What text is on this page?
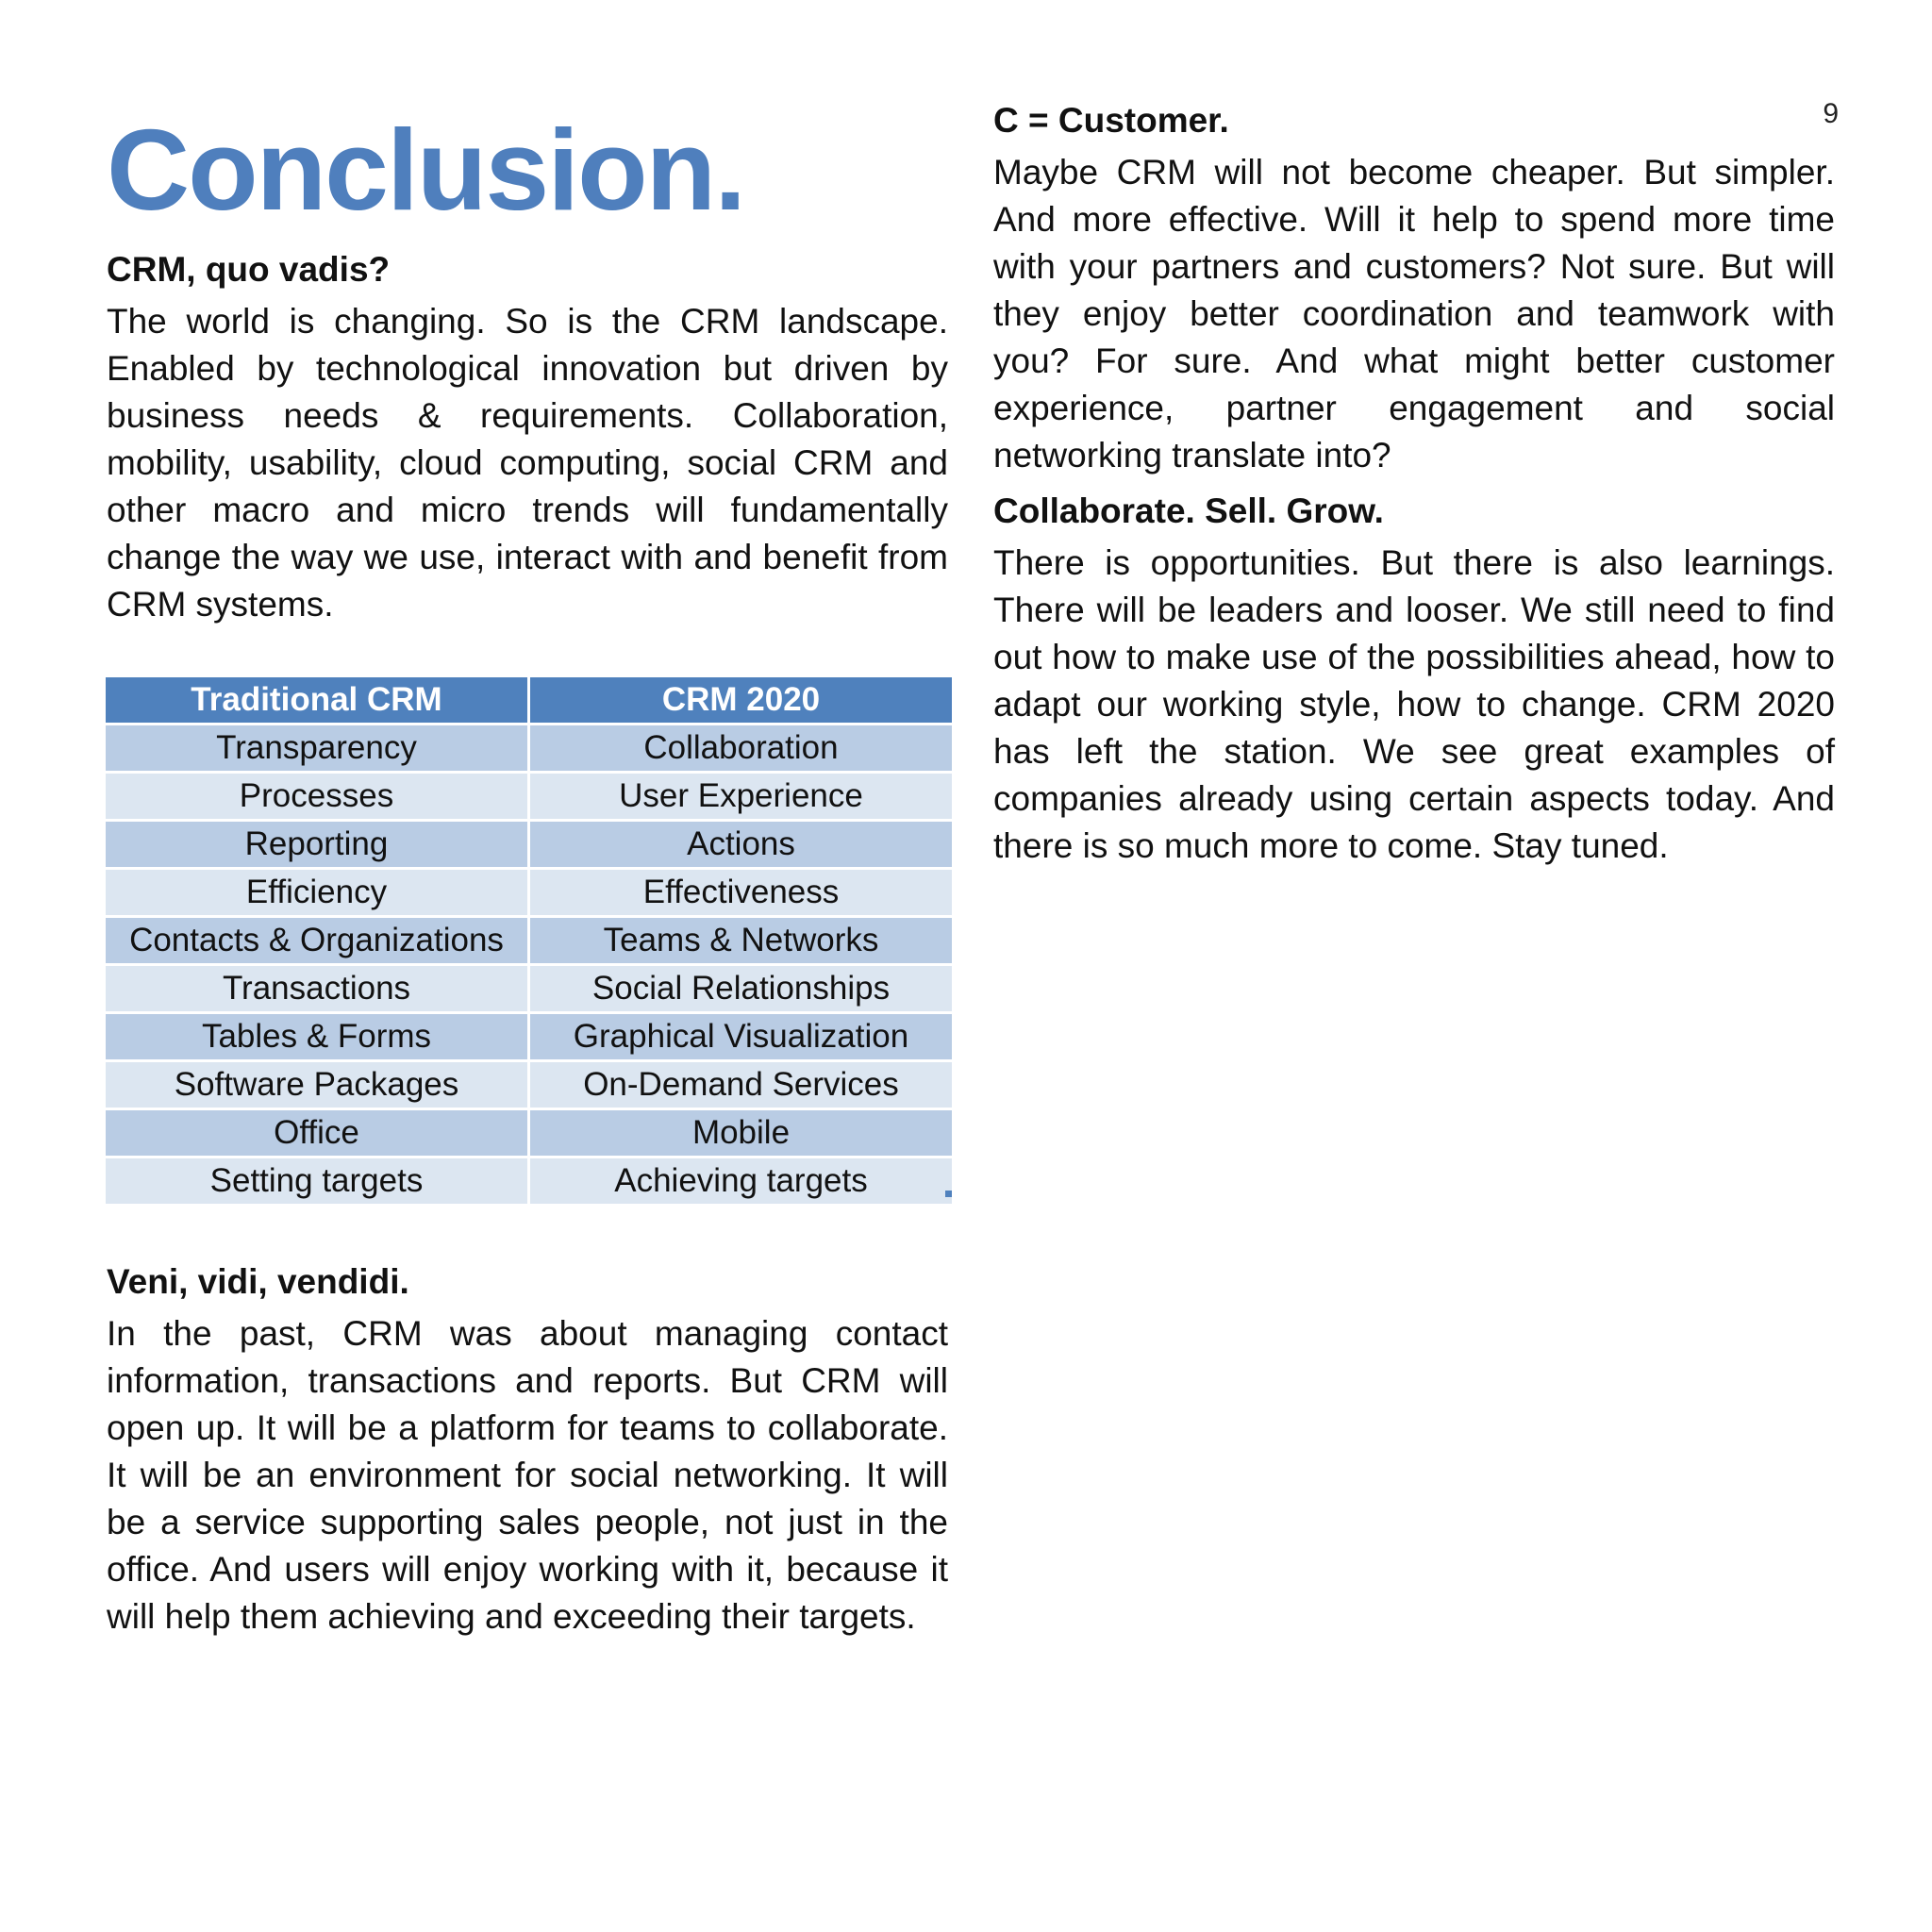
9
Conclusion.
CRM, quo vadis?

The world is changing. So is the CRM landscape. Enabled by technological innovation but driven by business needs & requirements. Collaboration, mobility, usability, cloud computing, social CRM and other macro and micro trends will fundamentally change the way we use, interact with and benefit from CRM systems.

Traditional CRM	CRM 2020
Transparency	Collaboration
Processes	User Experience
Reporting	Actions
Efficiency	Effectiveness
Contacts & Organizations	Teams & Networks
Transactions	Social Relationships
Tables & Forms	Graphical Visualization
Software Packages	On-Demand Services
Office	Mobile
Setting targets	Achieving targets
Veni, vidi, vendidi.

In the past, CRM was about managing contact information, transactions and reports. But CRM will open up. It will be a platform for teams to collaborate. It will be an environment for social networking. It will be a service supporting sales people, not just in the office. And users will enjoy working with it, because it will help them achieving and exceeding their targets.

C = Customer.

Maybe CRM will not become cheaper. But simpler. And more effective. Will it help to spend more time with your partners and customers? Not sure. But will they enjoy better coordination and teamwork with you? For sure. And what might better customer experience, partner engagement and social networking translate into?

Collaborate. Sell. Grow.

There is opportunities. But there is also learnings. There will be leaders and looser. We still need to find out how to make use of the possibilities ahead, how to adapt our working style, how to change. CRM 2020 has left the station. We see great examples of companies already using certain aspects today. And there is so much more to come. Stay tuned.
